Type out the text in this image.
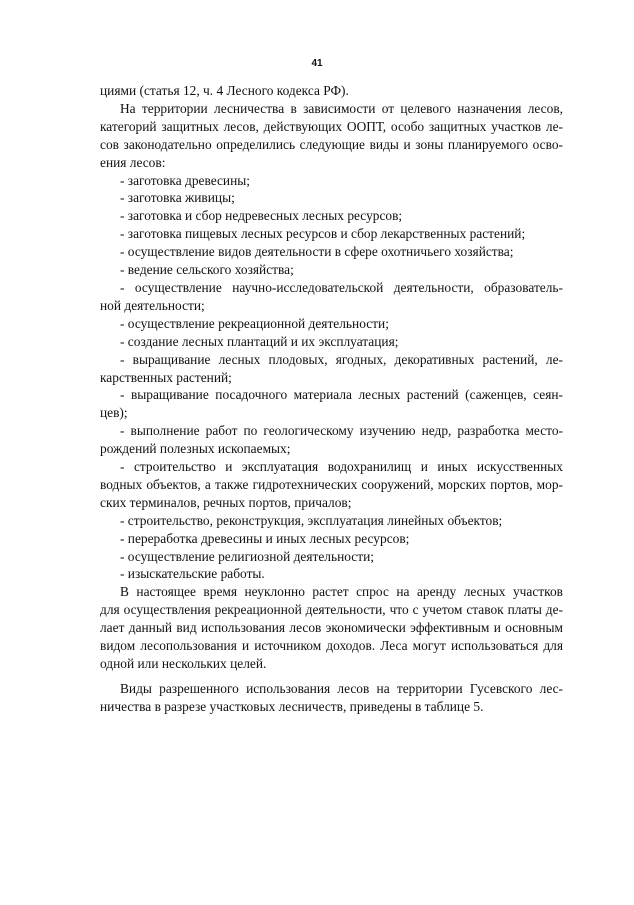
41
циями (статья 12, ч. 4 Лесного кодекса РФ).
На территории лесничества в зависимости от целевого назначения лесов,
категорий защитных лесов, действующих ООПТ, особо защитных участков ле-
сов законодательно определились следующие виды и зоны планируемого осво-
ения лесов:
- заготовка древесины;
- заготовка живицы;
- заготовка и сбор недревесных лесных ресурсов;
- заготовка пищевых лесных ресурсов и сбор лекарственных растений;
- осуществление видов деятельности в сфере охотничьего хозяйства;
- ведение сельского хозяйства;
- осуществление научно-исследовательской деятельности, образователь-
ной деятельности;
- осуществление рекреационной деятельности;
- создание лесных плантаций и их эксплуатация;
- выращивание лесных плодовых, ягодных, декоративных растений, ле-
карственных растений;
- выращивание посадочного материала лесных растений (саженцев, сеян-
цев);
- выполнение работ по геологическому изучению недр, разработка место-
рождений полезных ископаемых;
- строительство и эксплуатация водохранилищ и иных искусственных
водных объектов, а также гидротехнических сооружений, морских портов, мор-
ских терминалов, речных портов, причалов;
- строительство, реконструкция, эксплуатация линейных объектов;
- переработка древесины и иных лесных ресурсов;
- осуществление религиозной деятельности;
- изыскательские работы.
В настоящее время неуклонно растет спрос на аренду лесных участков
для осуществления рекреационной деятельности, что с учетом ставок платы де-
лает данный вид использования лесов экономически эффективным и основным
видом лесопользования и источником доходов. Леса могут использоваться для
одной или нескольких целей.
Виды разрешенного использования лесов на территории Гусевского лес-
ничества в разрезе участковых лесничеств, приведены в таблице 5.
